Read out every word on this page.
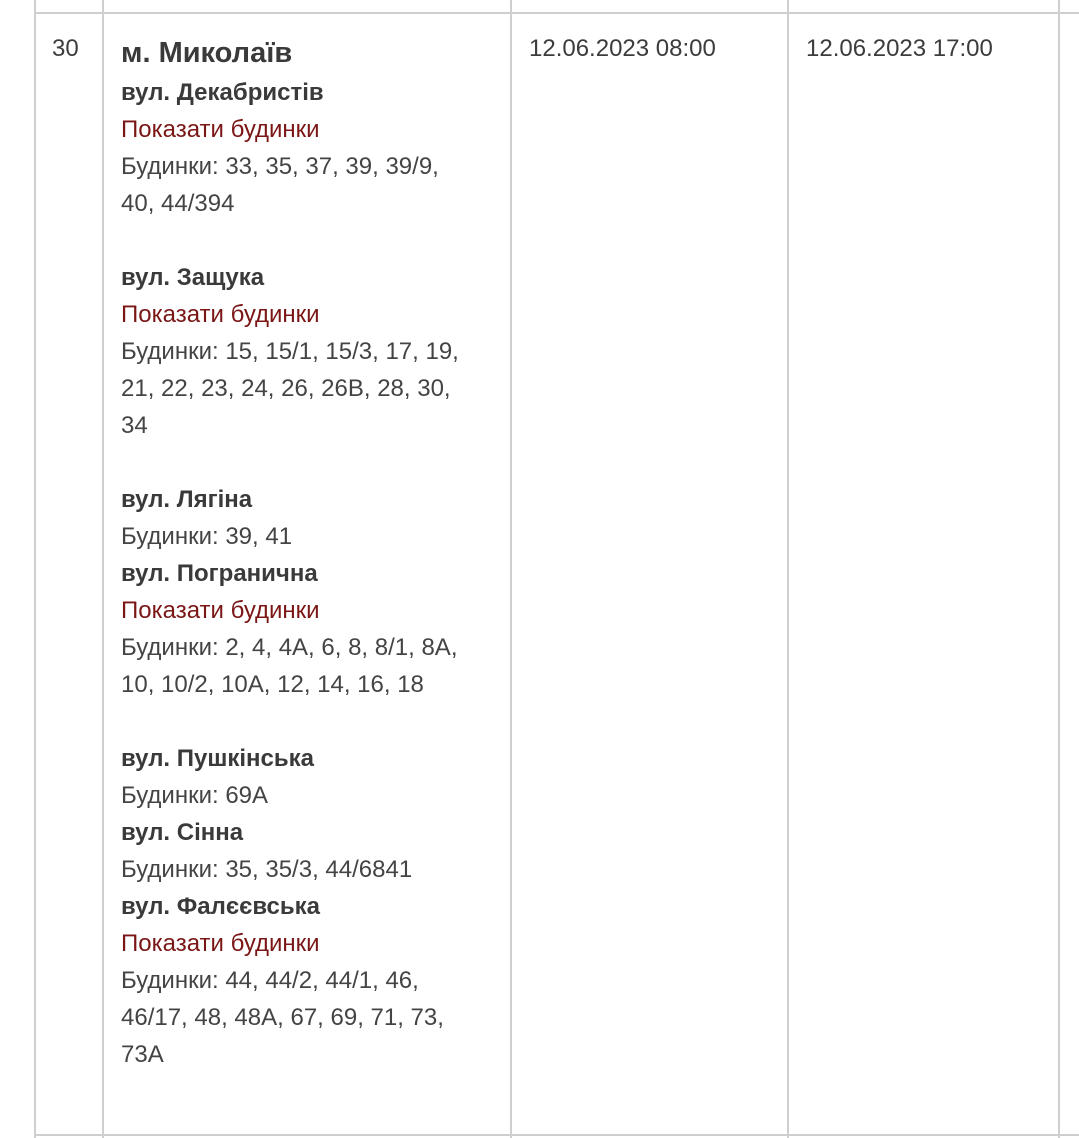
30 м. Миколаїв
вул. Декабристів
Показати будинки
Будинки: 33, 35, 37, 39, 39/9,
40, 44/394
вул. Защука
Показати будинки
Будинки: 15, 15/1, 15/3, 17, 19,
21, 22, 23, 24, 26, 26В, 28, 30,
34
вул. Лягіна
Будинки: 39, 41
вул. Погранична
Показати будинки
Будинки: 2, 4, 4А, 6, 8, 8/1, 8А,
10, 10/2, 10А, 12, 14, 16, 18
вул. Пушкінська
Будинки: 69А
вул. Сінна
Будинки: 35, 35/3, 44/6841
вул. Фалєєвська
Показати будинки
Будинки: 44, 44/2, 44/1, 46,
46/17, 48, 48А, 67, 69, 71, 73,
73А
12.06.2023 08:00	12.06.2023 17:00
